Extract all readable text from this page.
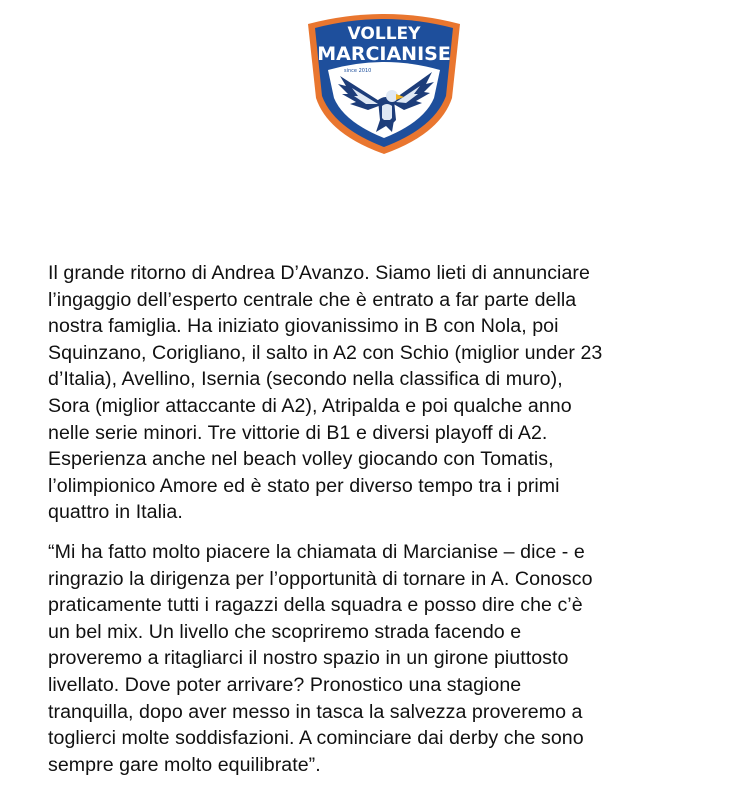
VOLLEY
MARCIANISE
since 2010

Il grande ritorno di Andrea D’Avanzo. Siamo lieti di annunciare
l’ingaggio dell’esperto centrale che è entrato a far parte della
nostra famiglia. Ha iniziato giovanissimo in B con Nola, poi
Squinzano, Corigliano, il salto in A2 con Schio (miglior under 23
d’Italia), Avellino, Isernia (secondo nella classifica di muro),
Sora (miglior attaccante di A2), Atripalda e poi qualche anno
nelle serie minori. Tre vittorie di B1 e diversi playoff di A2.
Esperienza anche nel beach volley giocando con Tomatis,
l’olimpionico Amore ed è stato per diverso tempo tra i primi
quattro in Italia.

“Mi ha fatto molto piacere la chiamata di Marcianise – dice - e
ringrazio la dirigenza per l’opportunità di tornare in A. Conosco
praticamente tutti i ragazzi della squadra e posso dire che c’è
un bel mix. Un livello che scopriremo strada facendo e
proveremo a ritagliarci il nostro spazio in un girone piuttosto
livellato. Dove poter arrivare? Pronostico una stagione
tranquilla, dopo aver messo in tasca la salvezza proveremo a
toglierci molte soddisfazioni. A cominciare dai derby che sono
sempre gare molto equilibrate”.
